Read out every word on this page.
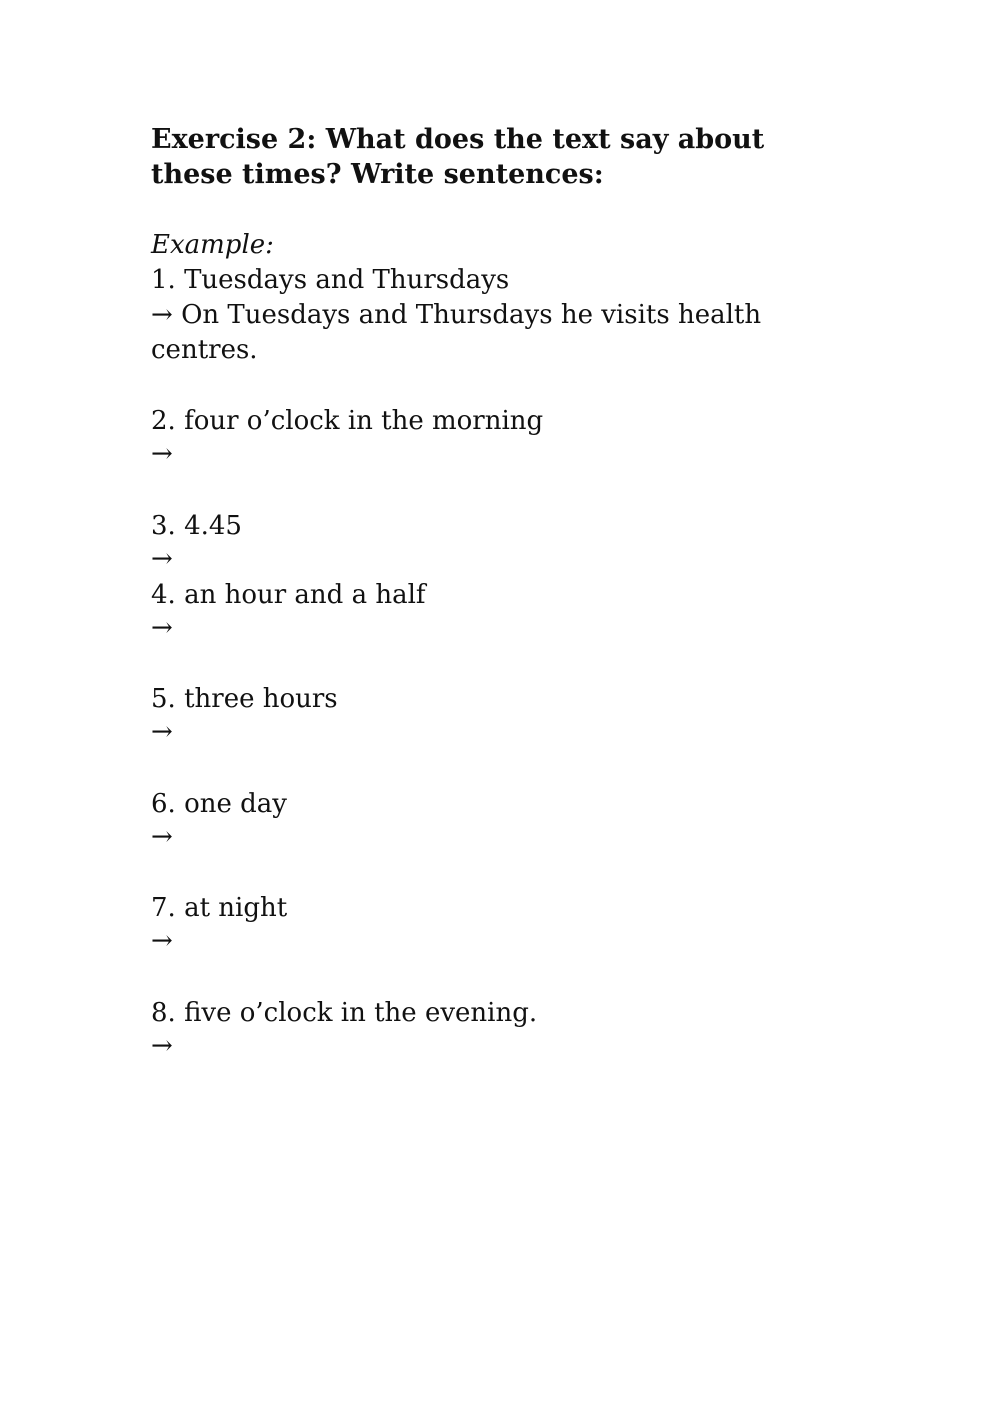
Exercise 2: What does the text say about these times? Write sentences:
Example:
1. Tuesdays and Thursdays
→ On Tuesdays and Thursdays he visits health
centres.
2. four o’clock in the morning
→
3. 4.45
→
4. an hour and a half
→
5. three hours
→
6. one day
→
7. at night
→
8. five o’clock in the evening.
→
